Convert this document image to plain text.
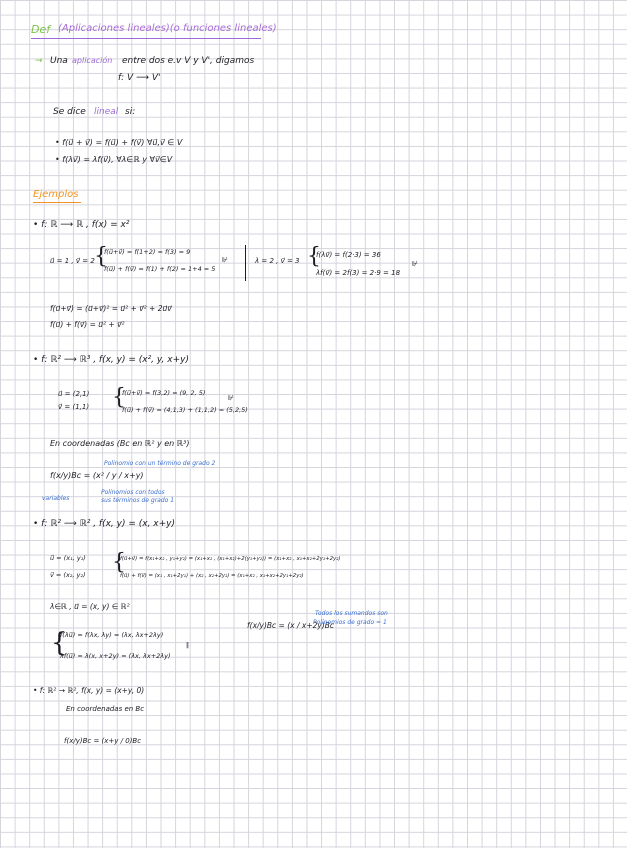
Def (Aplicaciones lineales)(o funciones lineales)
→ Una aplicación entre dos e.v V y V', digamos
f: V ⟶ V'
Se dice lineal si:
• f(u⃗ + v⃗) = f(u⃗) + f(v⃗) ∀u⃗,v⃗ ∈ V
• f(λv⃗) = λf(v⃗), ∀λ∈ℝ y ∀v⃗∈V
Ejemplos
• f: ℝ ⟶ ℝ , f(x) = x²
u⃗ = 1 , v⃗ = 2 {
f(u⃗+v⃗) = f(1+2) = f(3) = 9
f(u⃗) + f(v⃗) = f(1) + f(2) = 1+4 = 5
⊮	λ = 2 , v⃗ = 3 {
f(λv⃗) = f(2·3) = 36
λf(v⃗) = 2f(3) = 2·9 = 18
⊮
f(u⃗+v⃗) = (u⃗+v⃗)² = u⃗² + v⃗² + 2u⃗v⃗
f(u⃗) + f(v⃗) = u⃗² + v⃗²
• f: ℝ² ⟶ ℝ³ , f(x, y) = (x², y, x+y)
u⃗ = (2,1)
v⃗ = (1,1) {
f(u⃗+v⃗) = f(3,2) = (9, 2, 5)
f(u⃗) + f(v⃗) = (4,1,3) + (1,1,2) = (5,2,5)
⊮
En coordenadas (Bc en ℝ² y en ℝ³)
f(x/y)Bc = (x² / y / x+y)
Polinomio con un término de grado 2
Polinomios con todos
sus términos de grado 1
variables
• f: ℝ² ⟶ ℝ² , f(x, y) = (x, x+y)
u⃗ = (x₁, y₁)
v⃗ = (x₂, y₂) {
f(u⃗+v⃗) = f(x₁+x₂ , y₁+y₂) = (x₁+x₂ , (x₁+x₂)+2(y₁+y₂)) = (x₁+x₂ , x₁+x₂+2y₁+2y₂)
f(u⃗) + f(v⃗) = (x₁ , x₁+2y₁) + (x₂ , x₂+2y₂) = (x₁+x₂ , x₁+x₂+2y₁+2y₂)
λ∈ℝ , u⃗ = (x, y) ∈ ℝ²
{
f(λu⃗) = f(λx, λy) = (λx, λx+2λy)
‖
λf(u⃗) = λ(x, x+2y) = (λx, λx+2λy)
f(x/y)Bc = (x / x+2y)Bc
Todos los sumandos son
Polinomios de grado = 1
• f: ℝ² → ℝ², f(x, y) = (x+y, 0)
En coordenadas en Bc
f(x/y)Bc = (x+y / 0)Bc
